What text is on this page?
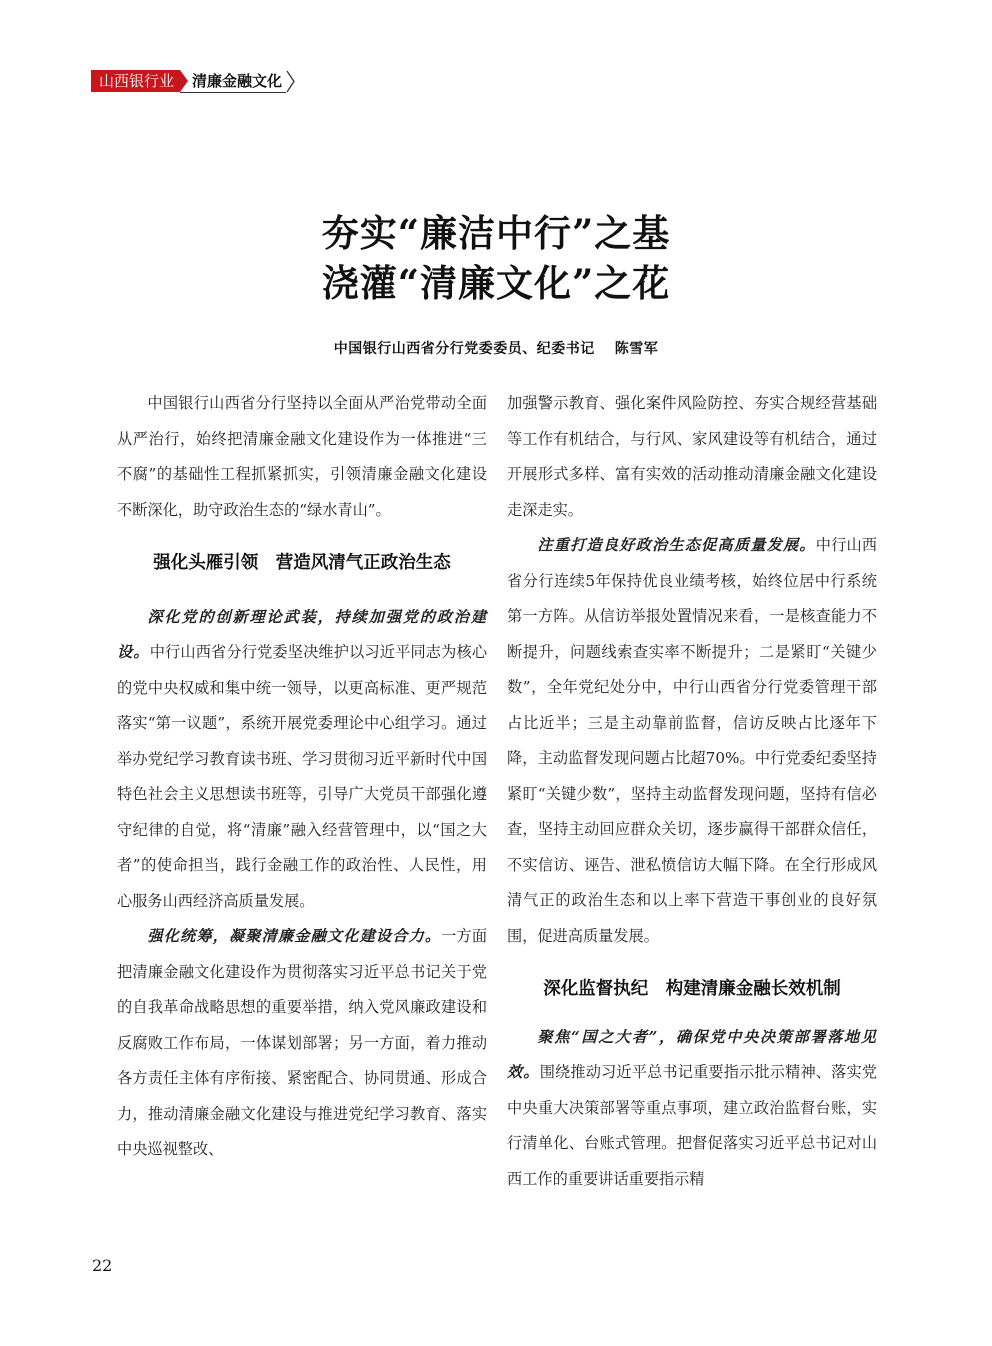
山西银行业	清廉金融文化
夯实“廉洁中行”之基
浇灌“清廉文化”之花
中国银行山西省分行党委委员、纪委书记 陈雪军

中国银行山西省分行坚持以全面从严治党带动全面从严治行，始终把清廉金融文化建设作为一体推进“三不腐”的基础性工程抓紧抓实，引领清廉金融文化建设不断深化，助守政治生态的“绿水青山”。

强化头雁引领　营造风清气正政治生态

深化党的创新理论武装，持续加强党的政治建设。中行山西省分行党委坚决维护以习近平同志为核心的党中央权威和集中统一领导，以更高标准、更严规范落实“第一议题”，系统开展党委理论中心组学习。通过举办党纪学习教育读书班、学习贯彻习近平新时代中国特色社会主义思想读书班等，引导广大党员干部强化遵守纪律的自觉，将“清廉”融入经营管理中，以“国之大者”的使命担当，践行金融工作的政治性、人民性，用心服务山西经济高质量发展。

强化统筹，凝聚清廉金融文化建设合力。一方面把清廉金融文化建设作为贯彻落实习近平总书记关于党的自我革命战略思想的重要举措，纳入党风廉政建设和反腐败工作布局，一体谋划部署；另一方面，着力推动各方责任主体有序衔接、紧密配合、协同贯通、形成合力，推动清廉金融文化建设与推进党纪学习教育、落实中央巡视整改、

加强警示教育、强化案件风险防控、夯实合规经营基础等工作有机结合，与行风、家风建设等有机结合，通过开展形式多样、富有实效的活动推动清廉金融文化建设走深走实。

注重打造良好政治生态促高质量发展。中行山西省分行连续5年保持优良业绩考核，始终位居中行系统第一方阵。从信访举报处置情况来看，一是核查能力不断提升，问题线索查实率不断提升；二是紧盯“关键少数”，全年党纪处分中，中行山西省分行党委管理干部占比近半；三是主动靠前监督，信访反映占比逐年下降，主动监督发现问题占比超70%。中行党委纪委坚持紧盯“关键少数”，坚持主动监督发现问题，坚持有信必查，坚持主动回应群众关切，逐步赢得干部群众信任，不实信访、诬告、泄私愤信访大幅下降。在全行形成风清气正的政治生态和以上率下营造干事创业的良好氛围，促进高质量发展。

深化监督执纪　构建清廉金融长效机制

聚焦“国之大者”，确保党中央决策部署落地见效。围绕推动习近平总书记重要指示批示精神、落实党中央重大决策部署等重点事项，建立政治监督台账，实行清单化、台账式管理。把督促落实习近平总书记对山西工作的重要讲话重要指示精

22
